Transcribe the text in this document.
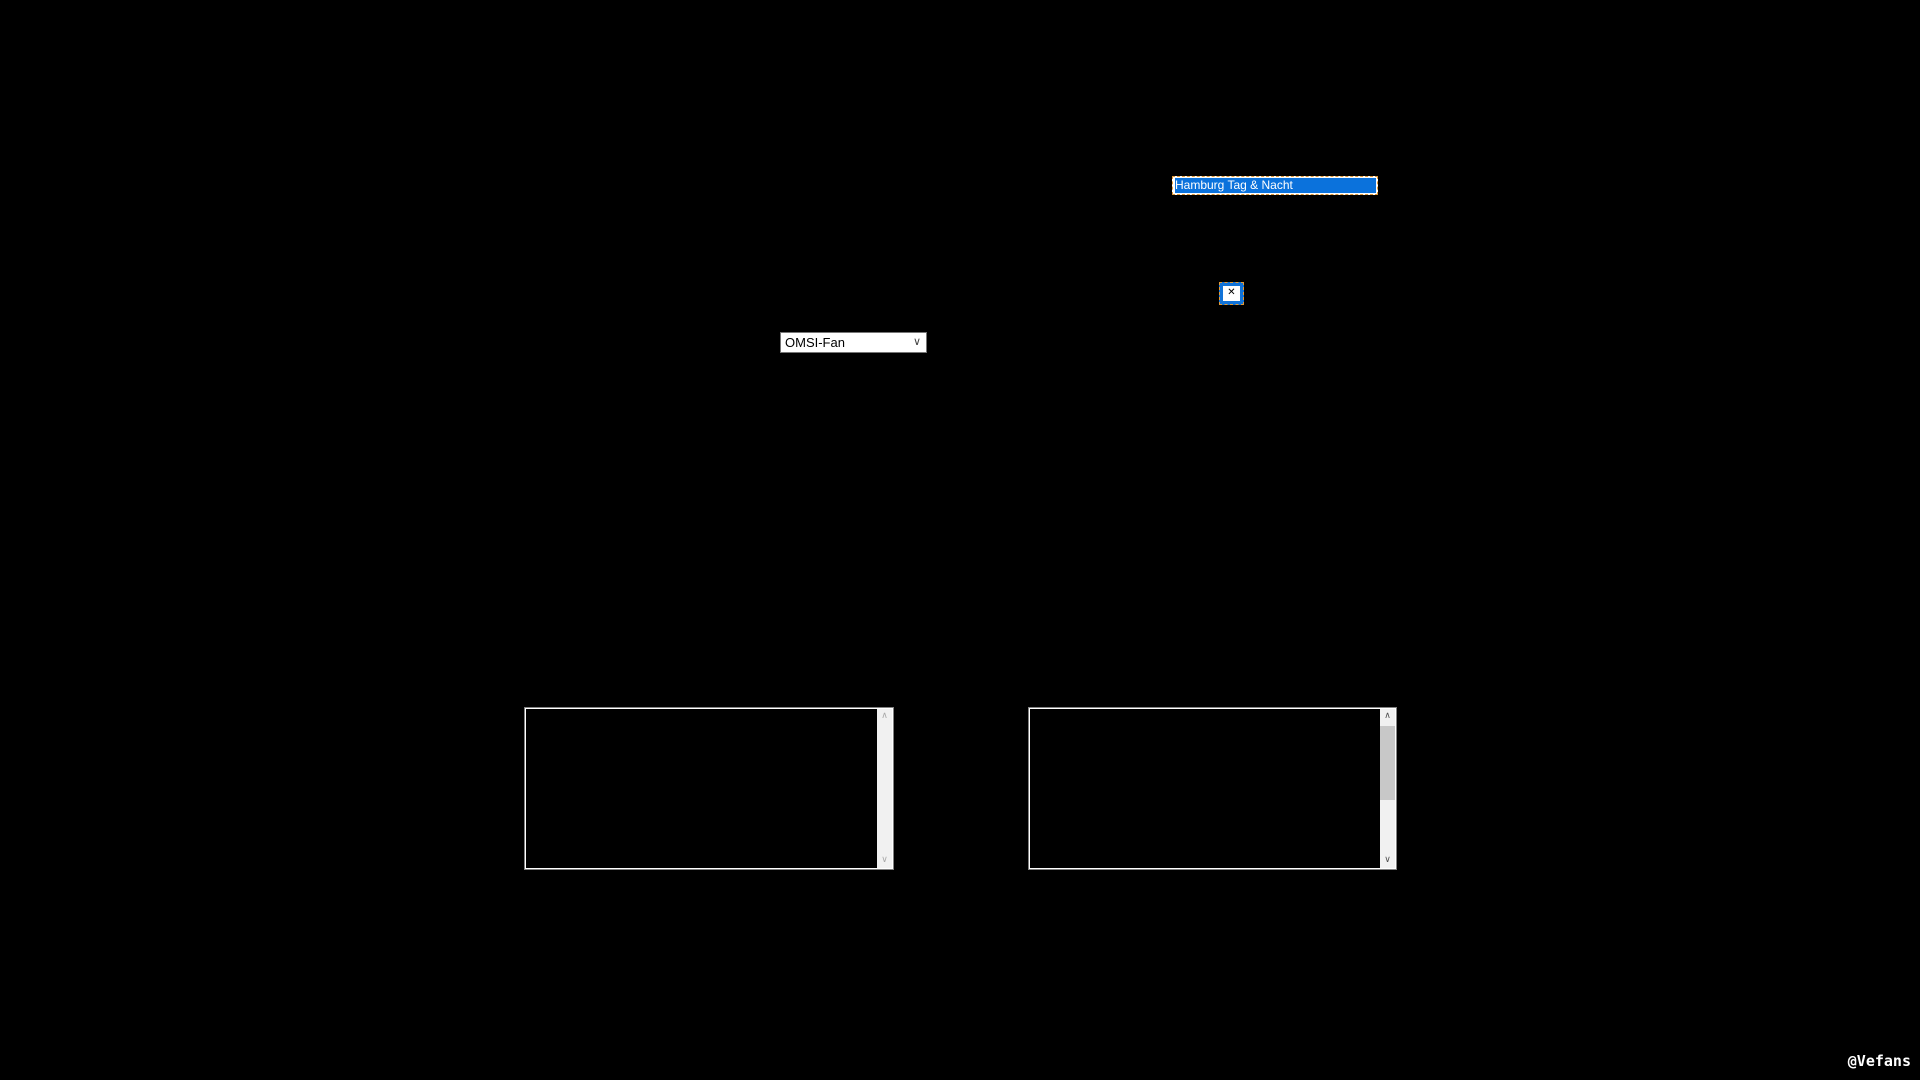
Hamburg Tag & Nacht
✕
OMSI-Fan	∨
∧
∨
∧
∨
@Vefans
